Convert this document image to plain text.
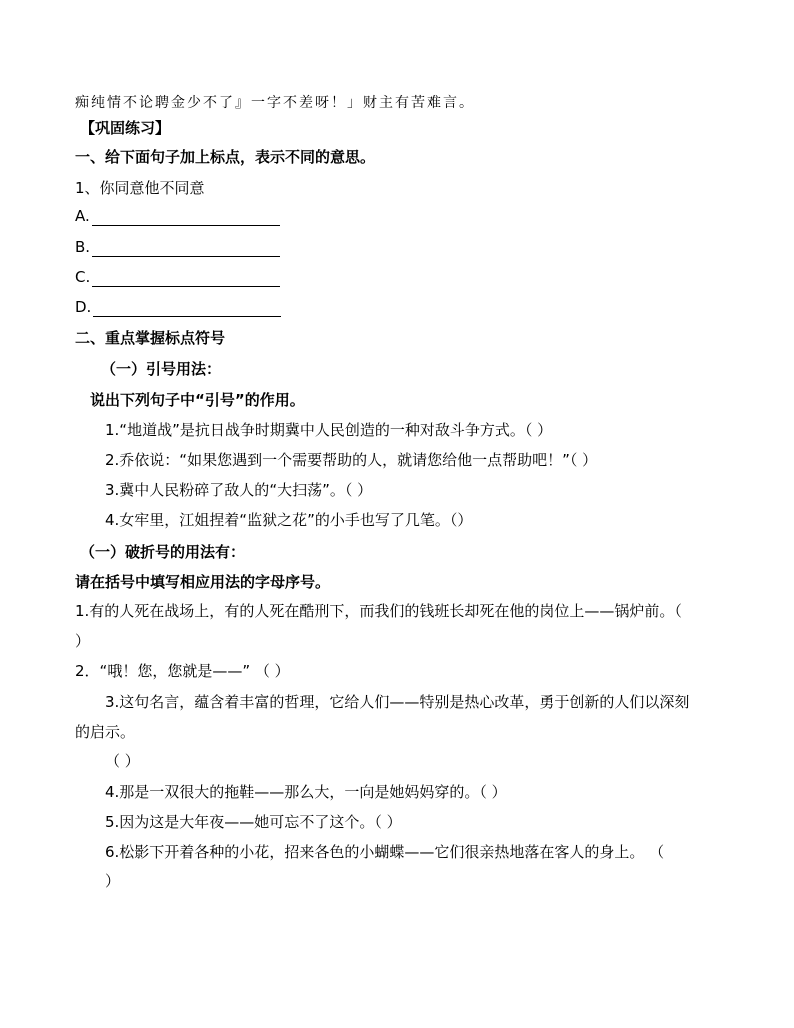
痴纯情不论聘金少不了』一字不差呀！」财主有苦难言。
【巩固练习】
一、给下面句子加上标点，表示不同的意思。
1、你同意他不同意
A.
B.
C.
D.
二、重点掌握标点符号
（一）引号用法：
说出下列句子中“引号”的作用。
1.“地道战”是抗日战争时期冀中人民创造的一种对敌斗争方式。（ ）
2.乔依说：“如果您遇到一个需要帮助的人，就请您给他一点帮助吧！”（ ）
3.冀中人民粉碎了敌人的“大扫荡”。（ ）
4.女牢里，江姐捏着“监狱之花”的小手也写了几笔。（）
（一）破折号的用法有：
请在括号中填写相应用法的字母序号。
1.有的人死在战场上，有的人死在酷刑下，而我们的钱班长却死在他的岗位上——锅炉前。（
）
2．“哦！您，您就是——” （ ）
3.这句名言，蕴含着丰富的哲理，它给人们——特别是热心改革，勇于创新的人们以深刻
的启示。
（ ）
4.那是一双很大的拖鞋——那么大，一向是她妈妈穿的。（ ）
5.因为这是大年夜——她可忘不了这个。（ ）
6.松影下开着各种的小花，招来各色的小蝴蝶——它们很亲热地落在客人的身上。 （
）
